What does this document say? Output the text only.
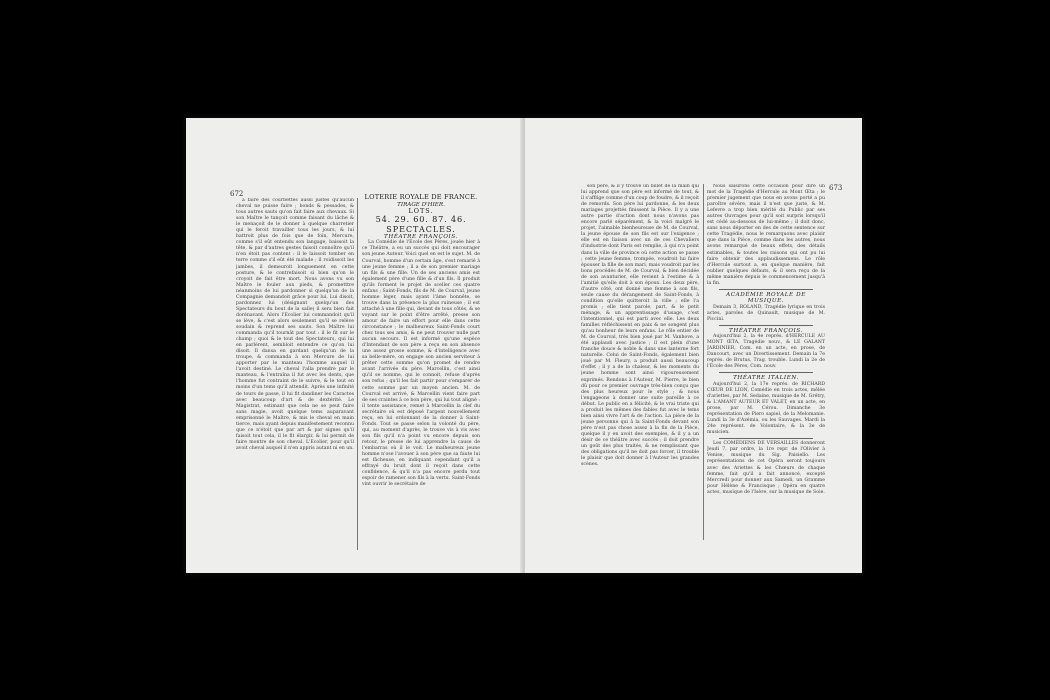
672

à faire des courbettes aussi justes qu'aucun cheval ne puisse faire ; bonds & pessades, & tous autres sauts qu'on fait faire aux chevaux. Si son Maître le tançoit comme faisant du lâche & le menaçoit de le donner à quelque charretier qui le feroit travailler tous les jours, & lui battroit plus de fois que de foin, Mercure, comme s'il eût entendu son langage, baissoit la tête, & par d'autres gestes faisoit connoître qu'il n'en étoit pas content : il le laissoit tomber en terre comme s'il eût été malade ; il roidissoit les jambes, il demeuroit longuement en cette posture, & le contrefaisoit si bien qu'on le croyoit de fait être mort. Nous avons vu son Maître le fouler aux pieds, & prometttre néanmoins de lui pardonner si quelqu'un de la Compagnie demandoit grâce pour lui. Lui disoit, pardonnez lui (désignant quelqu'un des Spectateurs du bout de la salle) il sera bien fait dorénavant. Alors l'Ecolier lui commandoit qu'il se lève, & c'est alors seulement qu'il se relève soudain & reprend ses sauts. Son Maître lui commanda qu'il tournât par tout : il le fit sur le champ ; quoi & le tout des Spectateurs, qui lui en parlèrent, sembloit entendre ce qu'on lui disoit. Il dansa en gardant quelqu'un de la troupe, & commanda à son Mercure de lui apporter par le manteau l'homme auquel il l'avoit destiné. Le cheval l'alla prendre par le manteau, & l'entraîna il fut avec les dents, que l'homme fut contraint de le suivre, & le tout en moins d'un tems qu'il attendit. Après une infinité de tours de passe, il lui fit dandiner les Caractes avec beaucoup d'art & de dextérité. Le Magistrat, estimant que cela ne se peut faire sans magie, avoit quelque tems auparavant emprisonné le Maître, & mis le cheval en main tierce, mais ayant depuis manifestement reconnu que ce n'étoit que par art & par signes qu'il faisoit tout cela, il le fit élargir, & lui permit de faire montre de son cheval. L'Ecolier, pour qu'il avoit cheval auquel il n'en appris autant ni en un.

LOTERIE ROYALE DE FRANCE.
TIRAGE D'HIER.
LOTS.
54. 29. 60. 87. 46.
SPECTACLES.
THÉATRE FRANÇOIS.

La Comédie de l'École des Pères, jouée hier à ce Théâtre, a eu un succès qui doit encourager son jeune Auteur. Voici quel en est le sujet. M. de Courval, homme d'un certain âge, s'est remarié à une jeune femme ; il a de son premier mariage un fils & une fille. Un de ses anciens amis est également père d'une fille & d'un fils. Il produit qu'ils forment le projet de sceller ces quatre enfans ; Saint-Fonds, fils de M. de Courval, jeune homme léger, mais ayant l'âme honnête, se trouve dans la présence la plus ruineuse ; il est attaché à une fille qui, devant de tous côtés, & se voyant sur le point d'être arrêté, presse son amour de faire un effort pour elle dans cette circonstance ; le malheureux Saint-Fonds court chez tous ses amis, & ne peut trouver nulle part aucun secours. Il est informé qu'une espèce d'Intendant de son père a reçu en son absence une assez grosse somme, & d'intelligence avec sa belle-mère, on engage son ancien serviteur à prêter cette somme qu'on promet de rendre avant l'arrivée du père. Marcellin, c'est ainsi qu'il se nomme, qui le connoit, refuse d'après son refus ; qu'il les fait partir pour s'emparer de cette somme par un moyen ancien. M. de Courval est arrivé, & Marcellin vient faire part de ses craintes à ce bon père, qui lui tout aligné : il tente assistance, remet à Marcellin la clef du secrétaire où est déposé l'argent nouvellement reçu, en lui ordonnant de la donner à Saint-Fonds. Tout se passe selon la volonté du père, qui, au moment d'après, le trouve vis à vis avec son fils qu'il n'a point vu encore depuis son retour, le presse de lui apprendre la cause de l'embarras où il le voit. Le malheureux jeune homme n'ose l'avouer à son père que sa faute lui est fâcheuse, en indiquant cependant qu'il a effrayé du bruit dont il reçoit dans cette confidence, & qu'il n'a pas encore perdu tout espoir de ramener son fils à la vertu. Saint-Fonds vint ouvrir le secrétaire de

son père, & il y trouve un billet de la main qui lui apprend que son père est informé de tout, & il s'afflige comme d'un coup de foudre, & il reçoit de remords. Son père lui pardonne, & les deux mariages projettés finissent la Pièce. Il y a une autre partie d'action dont nous n'avons pas encore parlé séparément, & la voici malgré le projet, l'aimable bienheureuse de M. de Courval, la jeune épouse de son fils est sur l'exigence ; elle est en liaison avec un de ces Chevaliers d'industrie dont Paris est remplie, à qui n'a point dans la ville de province où cette action se passe ; cette jeune femme, trompée, voudroit lui faire épouser la fille de son mari, mais voudroit par les bons procédés de M. de Courval, & bien décidée de son avanturier, elle revient à l'estime & à l'amitié qu'elle doit à son époux. Les deux père, d'autre côté, ont donné une femme à son fils, seule cause du dérangement de Saint-Fonds, à condition qu'elle quitteroit la ville ; elle l'a promis ; elle tient parole, part, & le petit ménage, & un apprentissage d'usage, c'est l'intentionnel, qui est parti avec elle. Les deux familles réfléchissent en paix & ne songent plus qu'au bonheur de leurs enfans. Le rôle entier de M. de Courval, très bien joué par M. Vanhove, a été applaudi avec justice ; il est plein d'une franche douce & noble & dans une lanterne fort naturelle. Celui de Saint-Fonds, également bien joué par M. Fleury, a produit aussi beaucoup d'effet ; il y a de la chaleur, & les moments du jeune homme sont ainsi vigoureusement exprimés. Rendons à l'Auteur, M. Pierre, le bien dû pour ce premier ouvrage très-bien conçu que des plus heureux pour le style ; & nous l'engageons à donner une suite pareille à ce début. Le public en a félicité, & le vrai triste qui a produit les mêmes des fables fut avec le tems bien ainsi vivre l'art & de l'action. La pièce de la jeune personne qui à la Saint-Fonds devant son père n'est pas chose assez à la fin de la Pièce, quelque il y en avoit des exemples, & il y a un désir de ce théâtre avec succès ; il doit prendre un goût des plus traités, & ne remplissant que des obligations qu'il ne doit pas forcer, il trouble le plaisir que doit donner à l'Auteur les grandes scènes.

Nous saisirons cette occasion pour dire un mot de la Tragédie d'Hercule au Mont Œta ; le premier jugement que nous en avons porté a pu paroître sévère, mais il n'est que juste, & M. Lefevre a trop bien mérité du Public par ses autres Ouvrages pour qu'il soit surpris lorsqu'il est cédé au-dessous de lui-même ; il doit donc, sans nous déporter en des de cette sentence sur cette Tragédie, nous le remarquons avec plaisir que dans la Pièce, comme dans les autres, nous avons remarqué de beaux effets, des détails estimables, & toutes les raisons qui ont pu lui faire obtenir des applaudissemens. Le rôle d'Hercule surtout a, en quelque manière, fait oublier quelques défauts, & il sera reçu de la même manière depuis le commencement jusqu'à la fin.

ACADÉMIE ROYALE DE MUSIQUE.

Demain 3, ROLAND, Tragédie lyrique en trois actes, paroles de Quinault, musique de M. Piccini.

THÉATRE FRANÇOIS.

Aujourd'hui 2, la 4e représ. d'HERCULE AU MONT ŒTA, Tragédie nouv., & LE GALANT JARDINIER, Com. en un acte, en prose, de Dancourt, avec un Divertissement. Demain la 7e représ. de Brutus, Trag. trouble. Lundi la 2e de l'École des Pères, Com. nouv.

THÉATRE ITALIEN.

Aujourd'hui 2, la 17e représ. de RICHARD CŒUR DE LION, Comédie en trois actes, mêlée d'ariettes, par M. Sedaine, musique de M. Grétry, & L'AMANT AUTEUR ET VALET, en un acte, en prose, par M. Cérou. Dimanche 3e représentation de Piero sapiel, de la Melomanie. Lundi la 3e d'Azémia, ou les Sauvages. Mardi la 24e représent. de Volontaire, & la 3e de musicien.

Les COMÉDIENS DE VERSAILLES donneront Jeudi 7, par ordre, la 1re repr. de l'Olivier à Venise, musique du Sig. Paisiello. Les représentations de cet Opéra seront toujours avec des Ariettes & les Chœurs de chaque femme, fait qu'il a fait annoncé, excepté Mercredi pour donner aux Samedi, un Gramme pour Hélène & Francisque ; Opéra en quatre actes, musique de l'Isère, sur la musique de Soie.

673
